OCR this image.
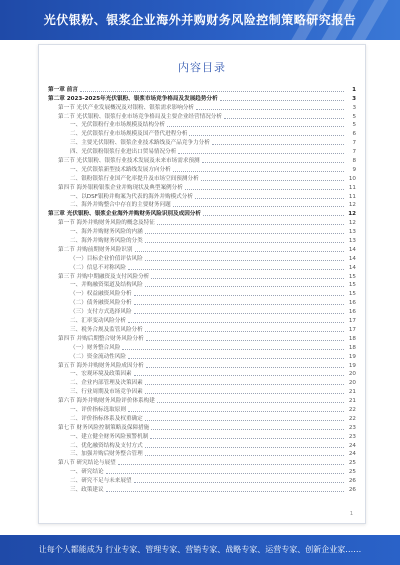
光伏银粉、银浆企业海外并购财务风险控制策略研究报告
内容目录
第一章 前言	1
第二章 2023-2025年光伏银粉、银浆市场竞争格局及发展趋势分析	3
第一节 光伏产业发展概况及对银粉、银浆需求影响分析	3
第二节 光伏银粉、银浆行业市场竞争格局及主要企业经营情况分析	5
一、光伏银粉行业市场规模及结构分析	5
二、光伏银浆行业市场规模及国产替代进程分析	6
三、主要光伏银粉、银浆企业技术路线及产品竞争力分析	7
四、光伏银粉银浆行业进出口贸易情况分析	7
第三节 光伏银粉、银浆行业技术发展及未来市场需求预测	8
一、光伏银浆新型技术路线发展方向分析	9
二、银粉银浆行业国产化率提升及市场空间预测分析	10
第四节 海外银粉银浆企业并购现状及典型案例分析	11
一、以DSF银粉并购案为代表的海外并购模式分析	11
二、海外并购整合中存在的主要财务问题	12
第三章 光伏银粉、银浆企业海外并购财务风险识别及成因分析	12
第一节 海外并购财务风险的概念及特征	12
一、海外并购财务风险的内涵	13
二、海外并购财务风险的分类	13
第二节 并购前期财务风险识别	14
（一）目标企业价值评估风险	14
（二）信息不对称风险	14
第三节 并购中期融资及支付风险分析	15
一、并购融资渠道及结构风险	15
（一）权益融资风险分析	15
（二）债务融资风险分析	16
（三）支付方式选择风险	16
二、汇率变动风险分析	17
三、税务合规及监管风险分析	17
第四节 并购后期整合财务风险分析	18
（一）财务整合风险	18
（二）资金流动性风险	19
第五节 海外并购财务风险成因分析	19
一、宏观环境及政策因素	20
二、企业内部管理及决策因素	20
三、行业周期及市场竞争因素	21
第六节 海外并购财务风险评价体系构建	21
一、评价指标选取原则	22
二、评价指标体系及权重确定	22
第七节 财务风险控制策略及保障措施	23
一、建立健全财务风险预警机制	23
二、优化融资结构及支付方式	24
三、加强并购后财务整合管理	24
第八节 研究结论与展望	25
一、研究结论	25
二、研究不足与未来展望	26
三、政策建议	26
1
让每个人都能成为 行业专家、管理专家、营销专家、战略专家、运营专家、创新企业家……
